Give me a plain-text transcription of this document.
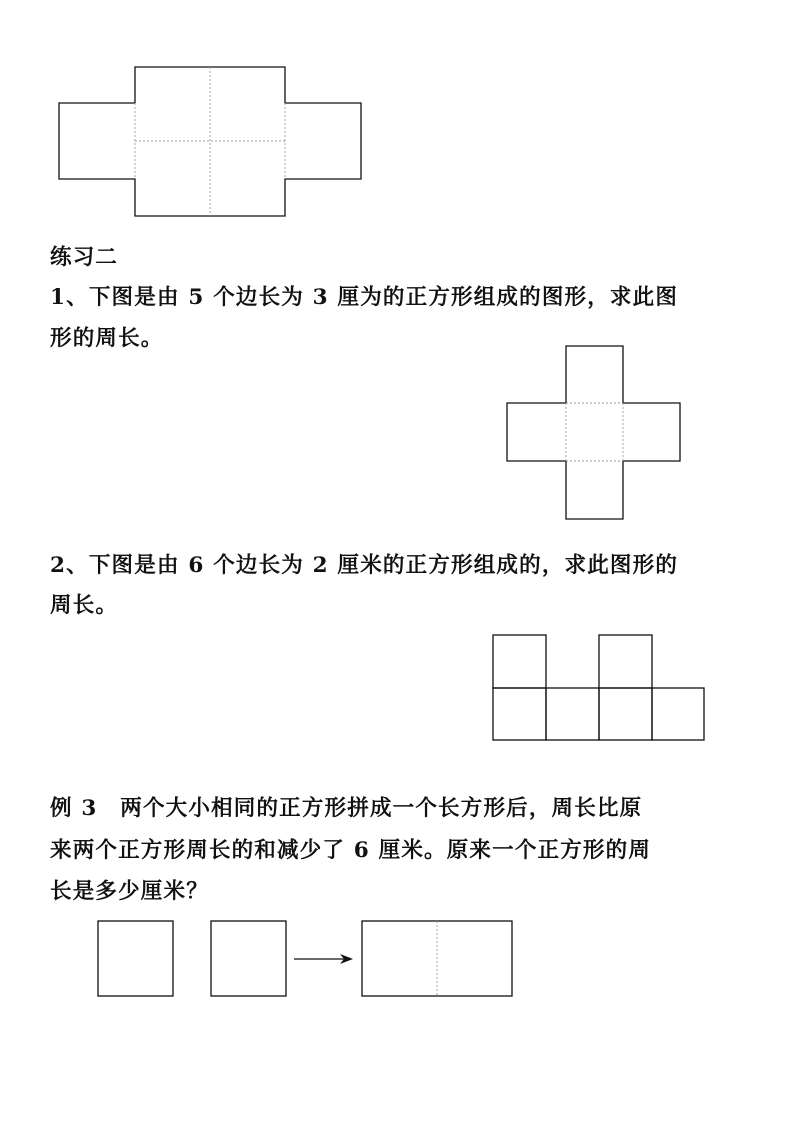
练习二

1、下图是由 5 个边长为 3 厘为的正方形组成的图形，求此图

形的周长。

2、下图是由 6 个边长为 2 厘米的正方形组成的，求此图形的

周长。

例 3　两个大小相同的正方形拼成一个长方形后，周长比原

来两个正方形周长的和减少了 6 厘米。原来一个正方形的周

长是多少厘米？
